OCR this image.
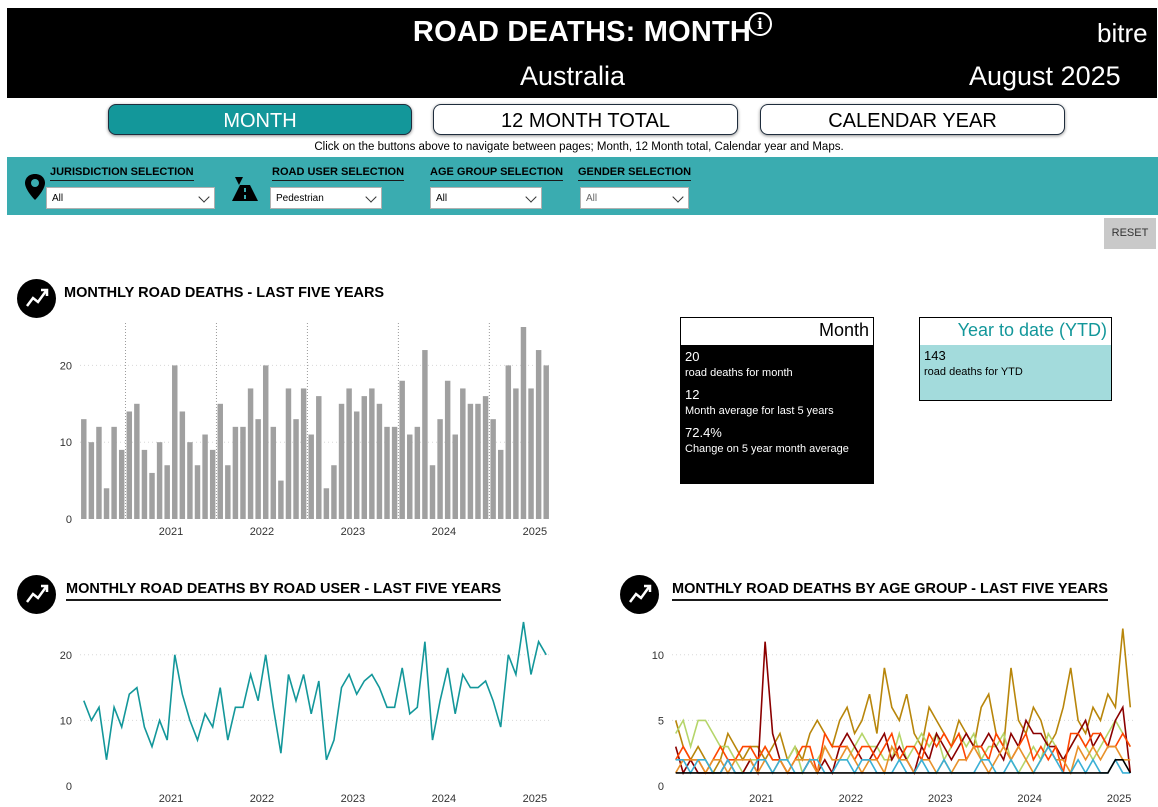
ROAD DEATHS: MONTH i	bitre
Australia	August 2025
MONTH	12 MONTH TOTAL	CALENDAR YEAR
Click on the buttons above to navigate between pages; Month, 12 Month total, Calendar year and Maps.
JURISDICTION SELECTION
All
ROAD USER SELECTION
Pedestrian
AGE GROUP SELECTION
All
GENDER SELECTION
All
RESET
MONTHLY ROAD DEATHS - LAST FIVE YEARS
0
10
20
2021	2022	2023	2024	2025
Month
20
road deaths for month
12
Month average for last 5 years
72.4%
Change on 5 year month average
Year to date (YTD)
143
road deaths for YTD
MONTHLY ROAD DEATHS BY ROAD USER - LAST FIVE YEARS
0
10
20
2021	2022	2023	2024	2025
MONTHLY ROAD DEATHS BY AGE GROUP - LAST FIVE YEARS
0
5
10
2021	2022	2023	2024	2025
